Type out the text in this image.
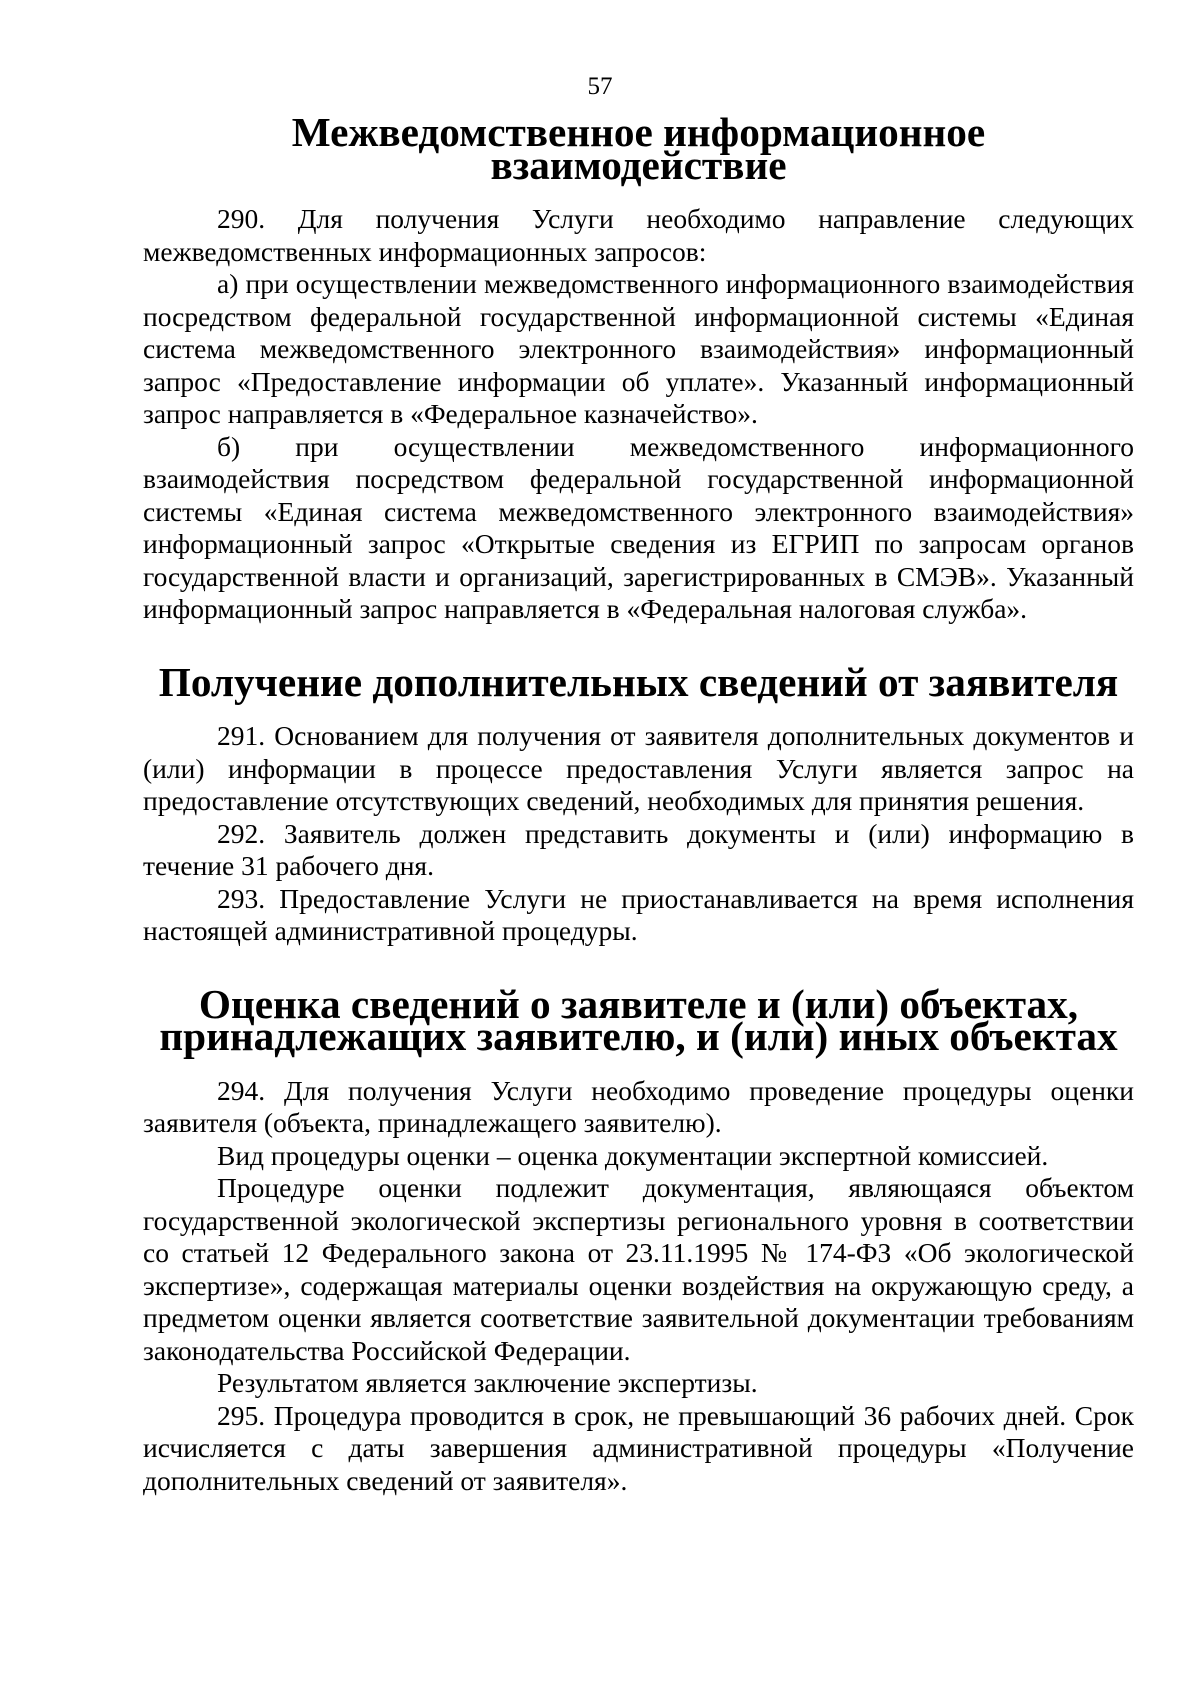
57
Межведомственное информационное взаимодействие

290. Для получения Услуги необходимо направление следующих межведомственных информационных запросов:

а) при осуществлении межведомственного информационного взаимодействия посредством федеральной государственной информационной системы «Единая система межведомственного электронного взаимодействия» информационный запрос «Предоставление информации об уплате». Указанный информационный запрос направляется в «Федеральное казначейство».

б) при осуществлении межведомственного информационного взаимодействия посредством федеральной государственной информационной системы «Единая система межведомственного электронного взаимодействия» информационный запрос «Открытые сведения из ЕГРИП по запросам органов государственной власти и организаций, зарегистрированных в СМЭВ». Указанный информационный запрос направляется в «Федеральная налоговая служба».

Получение дополнительных сведений от заявителя

291. Основанием для получения от заявителя дополнительных документов и (или) информации в процессе предоставления Услуги является запрос на предоставление отсутствующих сведений, необходимых для принятия решения.

292. Заявитель должен представить документы и (или) информацию в течение 31 рабочего дня.

293. Предоставление Услуги не приостанавливается на время исполнения настоящей административной процедуры.

Оценка сведений о заявителе и (или) объектах, принадлежащих заявителю, и (или) иных объектах

294. Для получения Услуги необходимо проведение процедуры оценки заявителя (объекта, принадлежащего заявителю).

Вид процедуры оценки – оценка документации экспертной комиссией.

Процедуре оценки подлежит документация, являющаяся объектом государственной экологической экспертизы регионального уровня в соответствии со статьей 12 Федерального закона от 23.11.1995 № 174-ФЗ «Об экологической экспертизе», содержащая материалы оценки воздействия на окружающую среду, а предметом оценки является соответствие заявительной документации требованиям законодательства Российской Федерации.

Результатом является заключение экспертизы.

295. Процедура проводится в срок, не превышающий 36 рабочих дней. Срок исчисляется с даты завершения административной процедуры «Получение дополнительных сведений от заявителя».
